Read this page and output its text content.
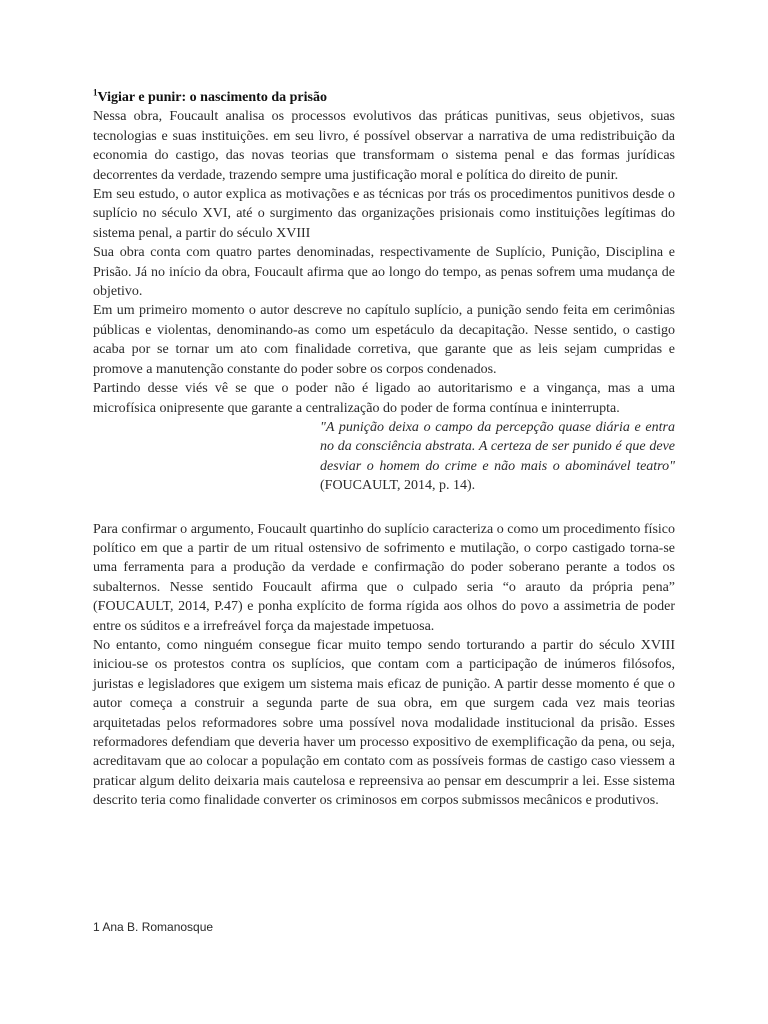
$^1$Vigiar e punir: o nascimento da prisão

Nessa obra, Foucault analisa os processos evolutivos das práticas punitivas, seus objetivos, suas tecnologias e suas instituições. em seu livro, é possível observar a narrativa de uma redistribuição da economia do castigo, das novas teorias que transformam o sistema penal e das formas jurídicas decorrentes da verdade, trazendo sempre uma justificação moral e política do direito de punir.

Em seu estudo, o autor explica as motivações e as técnicas por trás os procedimentos punitivos desde o suplício no século XVI, até o surgimento das organizações prisionais como instituições legítimas do sistema penal, a partir do século XVIII

Sua obra conta com quatro partes denominadas, respectivamente de Suplício, Punição, Disciplina e Prisão. Já no início da obra, Foucault afirma que ao longo do tempo, as penas sofrem uma mudança de objetivo.

Em um primeiro momento o autor descreve no capítulo suplício, a punição sendo feita em cerimônias públicas e violentas, denominando-as como um espetáculo da decapitação. Nesse sentido, o castigo acaba por se tornar um ato com finalidade corretiva, que garante que as leis sejam cumpridas e promove a manutenção constante do poder sobre os corpos condenados.

Partindo desse viés vê se que o poder não é ligado ao autoritarismo e a vingança, mas a uma microfísica onipresente que garante a centralização do poder de forma contínua e ininterrupta.

"A punição deixa o campo da percepção quase diária e entra no da consciência abstrata. A certeza de ser punido é que deve desviar o homem do crime e não mais o abominável teatro" (FOUCAULT, 2014, p. 14).

Para confirmar o argumento, Foucault quartinho do suplício caracteriza o como um procedimento físico político em que a partir de um ritual ostensivo de sofrimento e mutilação, o corpo castigado torna-se uma ferramenta para a produção da verdade e confirmação do poder soberano perante a todos os subalternos. Nesse sentido Foucault afirma que o culpado seria “o arauto da própria pena” (FOUCAULT, 2014, P.47) e ponha explícito de forma rígida aos olhos do povo a assimetria de poder entre os súditos e a irrefreável força da majestade impetuosa.

No entanto, como ninguém consegue ficar muito tempo sendo torturando a partir do século XVIII iniciou-se os protestos contra os suplícios, que contam com a participação de inúmeros filósofos, juristas e legisladores que exigem um sistema mais eficaz de punição. A partir desse momento é que o autor começa a construir a segunda parte de sua obra, em que surgem cada vez mais teorias arquitetadas pelos reformadores sobre uma possível nova modalidade institucional da prisão. Esses reformadores defendiam que deveria haver um processo expositivo de exemplificação da pena, ou seja, acreditavam que ao colocar a população em contato com as possíveis formas de castigo caso viessem a praticar algum delito deixaria mais cautelosa e repreensiva ao pensar em descumprir a lei. Esse sistema descrito teria como finalidade converter os criminosos em corpos submissos mecânicos e produtivos.

1 Ana B. Romanosque
